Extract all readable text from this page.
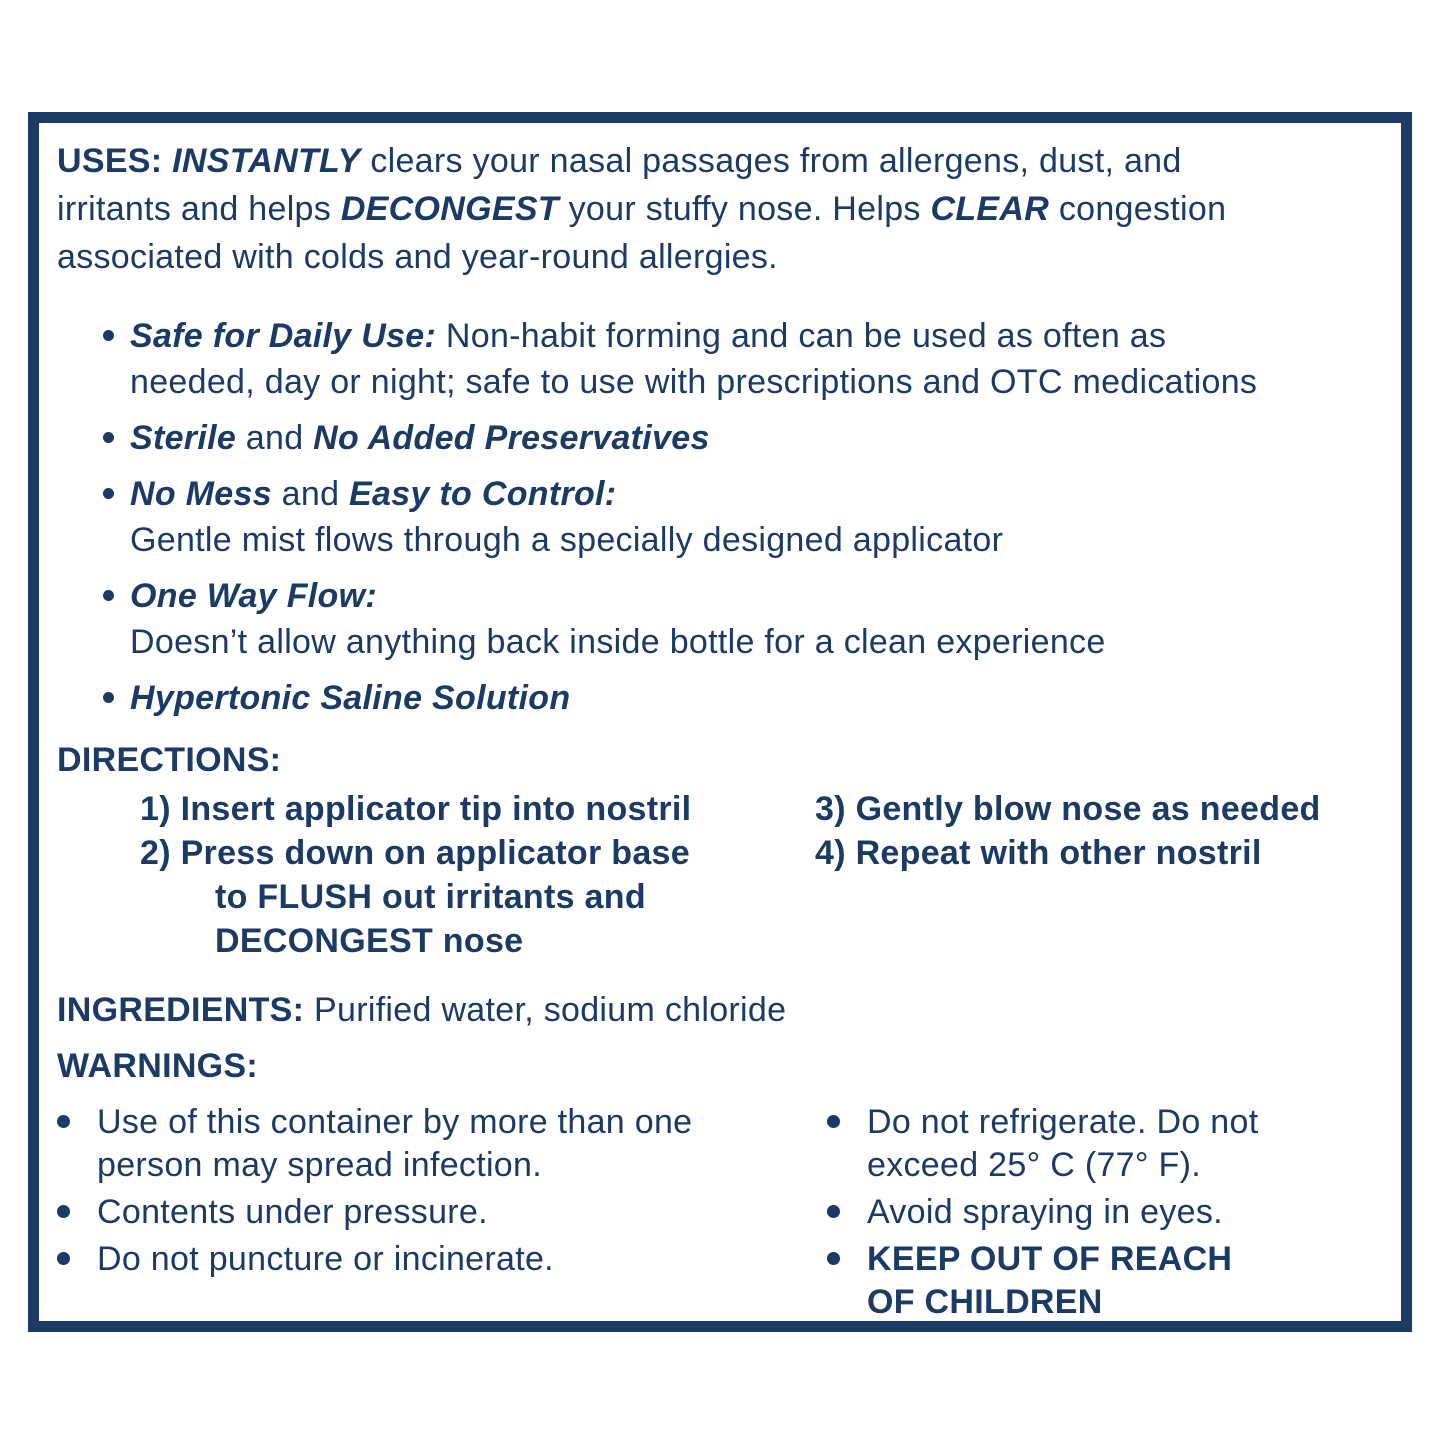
USES: INSTANTLY clears your nasal passages from allergens, dust, and
irritants and helps DECONGEST your stuffy nose. Helps CLEAR congestion
associated with colds and year-round allergies.
Safe for Daily Use: Non-habit forming and can be used as often as
needed, day or night; safe to use with prescriptions and OTC medications
Sterile and No Added Preservatives
No Mess and Easy to Control:
Gentle mist flows through a specially designed applicator
One Way Flow:
Doesn’t allow anything back inside bottle for a clean experience
Hypertonic Saline Solution
DIRECTIONS:
1) Insert applicator tip into nostril
2) Press down on applicator base
to FLUSH out irritants and
DECONGEST nose
3) Gently blow nose as needed
4) Repeat with other nostril
INGREDIENTS: Purified water, sodium chloride
WARNINGS:
Use of this container by more than one
person may spread infection.
Contents under pressure.
Do not puncture or incinerate.
Do not refrigerate. Do not
exceed 25° C (77° F).
Avoid spraying in eyes.
KEEP OUT OF REACH
OF CHILDREN
